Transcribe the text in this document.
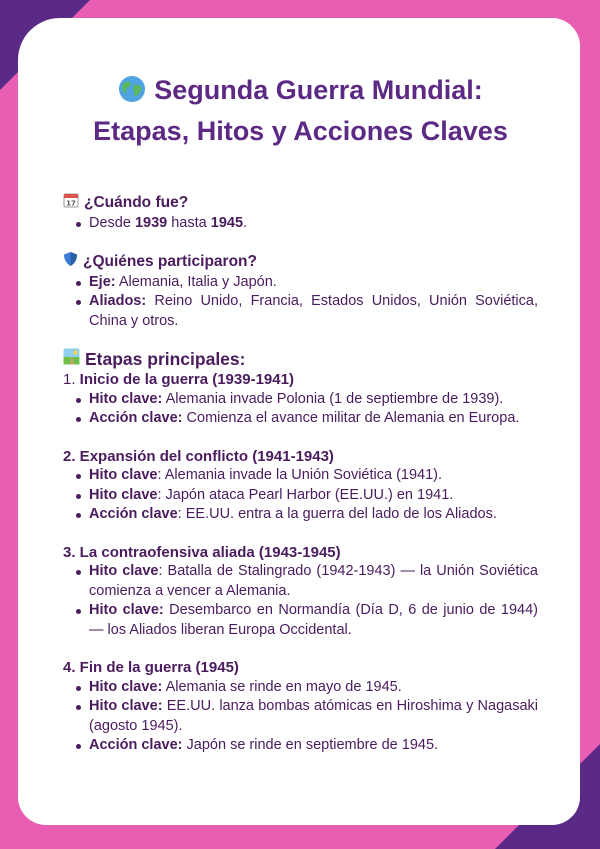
Segunda Guerra Mundial:
Etapas, Hitos y Acciones Claves
17 ¿Cuándo fue?
Desde 1939 hasta 1945.
¿Quiénes participaron?
Eje: Alemania, Italia y Japón.
Aliados: Reino Unido, Francia, Estados Unidos, Unión Soviética, China y otros.
Etapas principales:
1. Inicio de la guerra (1939-1941)
Hito clave: Alemania invade Polonia (1 de septiembre de 1939).
Acción clave: Comienza el avance militar de Alemania en Europa.
2. Expansión del conflicto (1941-1943)
Hito clave: Alemania invade la Unión Soviética (1941).
Hito clave: Japón ataca Pearl Harbor (EE.UU.) en 1941.
Acción clave: EE.UU. entra a la guerra del lado de los Aliados.
3. La contraofensiva aliada (1943-1945)
Hito clave: Batalla de Stalingrado (1942-1943) — la Unión Soviética comienza a vencer a Alemania.
Hito clave: Desembarco en Normandía (Día D, 6 de junio de 1944) — los Aliados liberan Europa Occidental.
4. Fin de la guerra (1945)
Hito clave: Alemania se rinde en mayo de 1945.
Hito clave: EE.UU. lanza bombas atómicas en Hiroshima y Nagasaki (agosto 1945).
Acción clave: Japón se rinde en septiembre de 1945.
